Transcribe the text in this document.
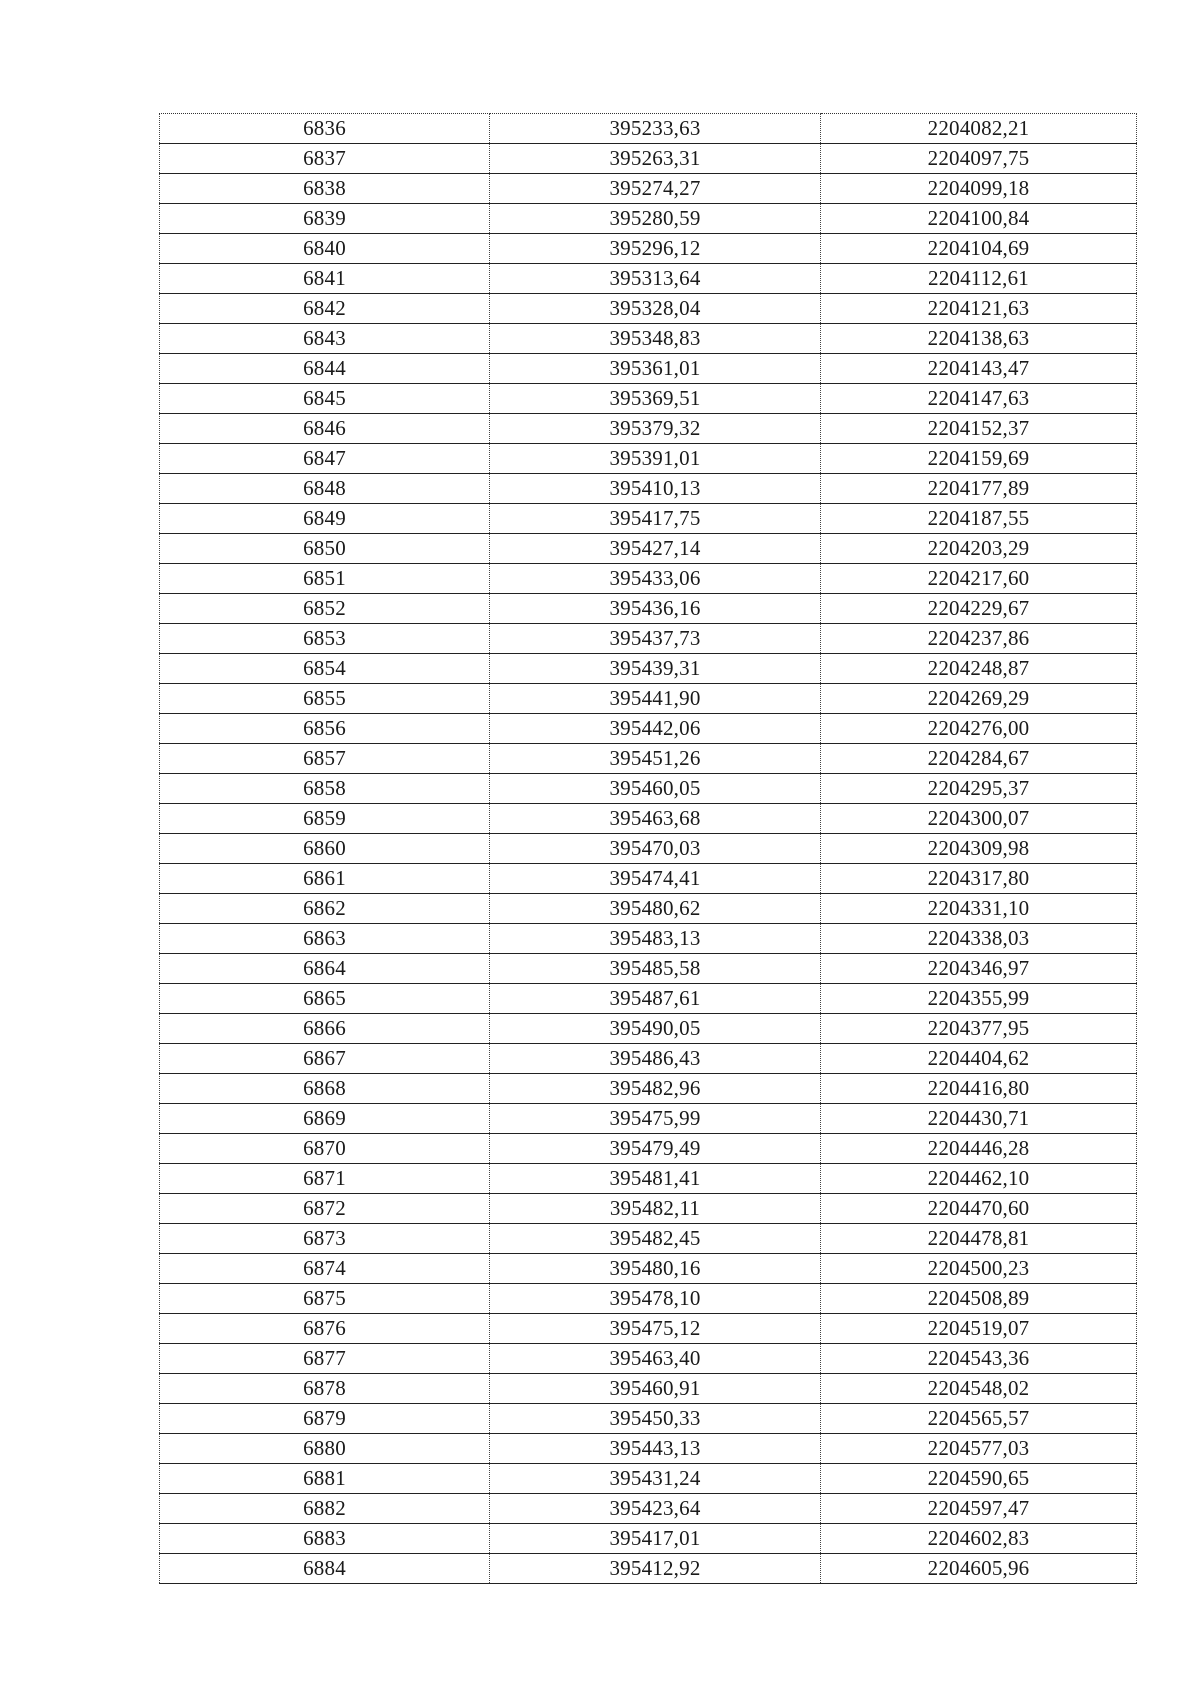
6836	395233,63	2204082,21
6837	395263,31	2204097,75
6838	395274,27	2204099,18
6839	395280,59	2204100,84
6840	395296,12	2204104,69
6841	395313,64	2204112,61
6842	395328,04	2204121,63
6843	395348,83	2204138,63
6844	395361,01	2204143,47
6845	395369,51	2204147,63
6846	395379,32	2204152,37
6847	395391,01	2204159,69
6848	395410,13	2204177,89
6849	395417,75	2204187,55
6850	395427,14	2204203,29
6851	395433,06	2204217,60
6852	395436,16	2204229,67
6853	395437,73	2204237,86
6854	395439,31	2204248,87
6855	395441,90	2204269,29
6856	395442,06	2204276,00
6857	395451,26	2204284,67
6858	395460,05	2204295,37
6859	395463,68	2204300,07
6860	395470,03	2204309,98
6861	395474,41	2204317,80
6862	395480,62	2204331,10
6863	395483,13	2204338,03
6864	395485,58	2204346,97
6865	395487,61	2204355,99
6866	395490,05	2204377,95
6867	395486,43	2204404,62
6868	395482,96	2204416,80
6869	395475,99	2204430,71
6870	395479,49	2204446,28
6871	395481,41	2204462,10
6872	395482,11	2204470,60
6873	395482,45	2204478,81
6874	395480,16	2204500,23
6875	395478,10	2204508,89
6876	395475,12	2204519,07
6877	395463,40	2204543,36
6878	395460,91	2204548,02
6879	395450,33	2204565,57
6880	395443,13	2204577,03
6881	395431,24	2204590,65
6882	395423,64	2204597,47
6883	395417,01	2204602,83
6884	395412,92	2204605,96
